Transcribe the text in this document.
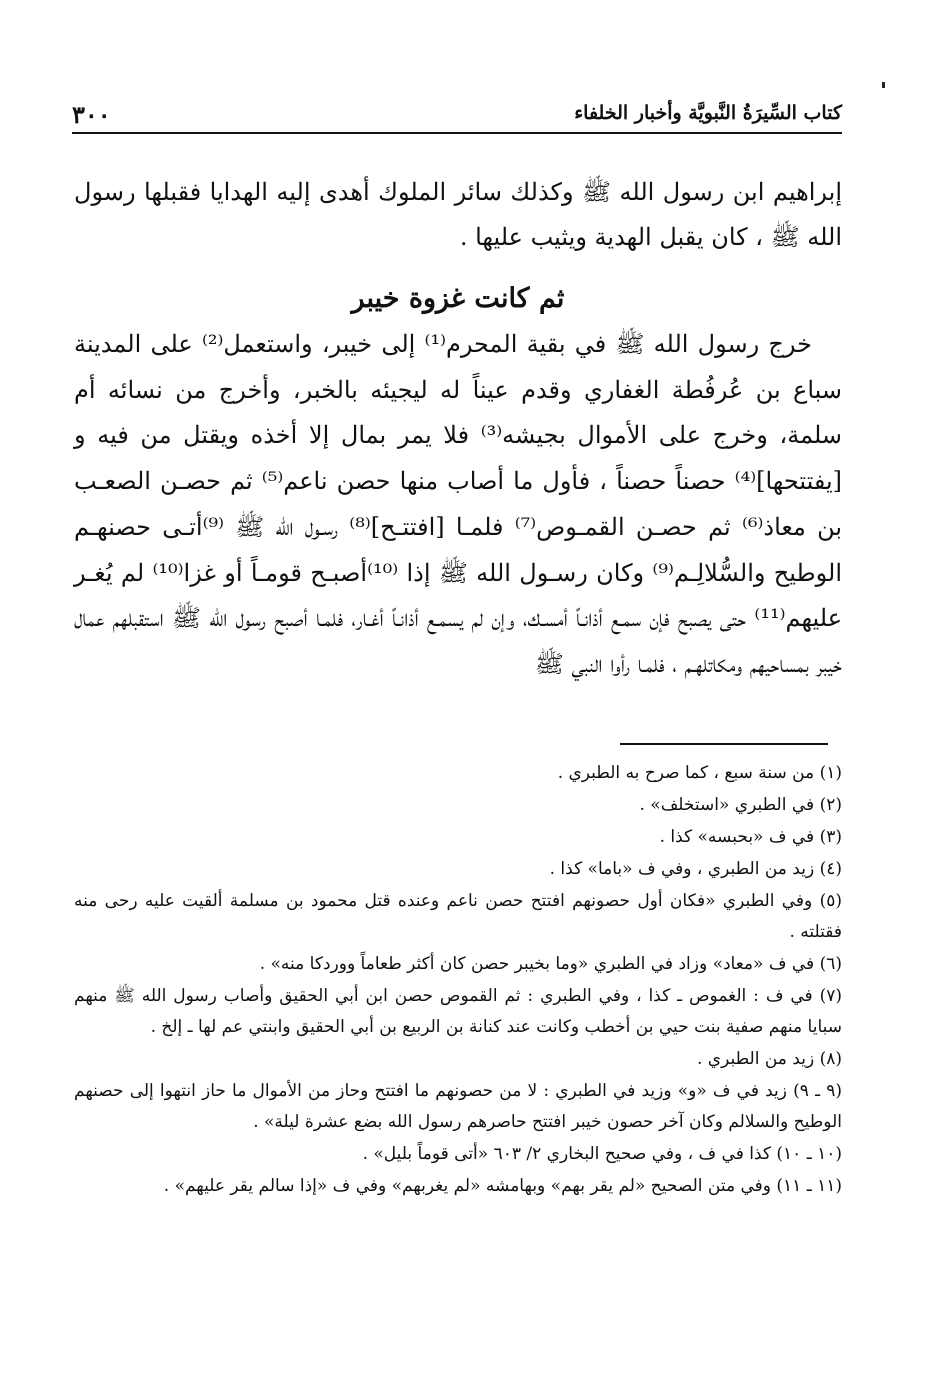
كتاب السِّيرَةُ النَّبويَّة وأخبار الخلفاء
٣٠٠

إبراهيم ابن رسول الله ﷺ وكذلك سائر الملوك أهدى إليه الهدايا فقبلها رسول الله ﷺ ، كان يقبل الهدية ويثيب عليها .

ثم كانت غزوة خيبر

خرج رسول الله ﷺ في بقية المحرم⁽¹⁾ إلى خيبر، واستعمل⁽²⁾ على المدينة سباع بن عُرفُطة الغفاري وقدم عيناً له ليجيئه بالخبر، وأخرج من نسائه أم سلمة، وخرج على الأموال بجيشه⁽³⁾ فلا يمر بمال إلا أخذه ويقتل من فيه و [يفتتحها]⁽⁴⁾ حصناً حصناً ، فأول ما أصاب منها حصن ناعم⁽⁵⁾ ثم حصـن الصعـب بن معاذ⁽⁶⁾ ثم حصـن القمـوص⁽⁷⁾ فلمـا [افتتـح]⁽⁸⁾ رسـول الله ﷺ ⁽⁹⁾أتـى حصنهـم الوطيح والسُّلالِـم⁽⁹⁾ وكان رسـول الله ﷺ إذا ⁽¹⁰⁾أصبـح قومـاً أو غزا⁽¹⁰⁾ لم يُغـر عليهم⁽¹¹⁾ حتى يصبح فإن سمـع أذانـاً أمسـك، وإن لم يسمـع أذانـاً أغـار، فلمـا أصبح رسول الله ﷺ استقبلهم عمال خيبر بمساحيهم ومكاتلهـم ، فلمـا رأوا النبي ﷺ

(١) من سنة سبع ، كما صرح به الطبري .

(٢) في الطبري «استخلف» .

(٣) في ف «بحبسه» كذا .

(٤) زيد من الطبري ، وفي ف «باما» كذا .

(٥) وفي الطبري «فكان أول حصونهم افتتح حصن ناعم وعنده قتل محمود بن مسلمة ألقيت عليه رحى منه فقتلته .

(٦) في ف «معاد» وزاد في الطبري «وما بخيبر حصن كان أكثر طعاماً ووردكا منه» .

(٧) في ف : الغموص ـ كذا ، وفي الطبري : ثم القموص حصن ابن أبي الحقيق وأصاب رسول الله ﷺ منهم سبايا منهم صفية بنت حيي بن أخطب وكانت عند كنانة بن الربيع بن أبي الحقيق وابنتي عم لها ـ إلخ .

(٨) زيد من الطبري .

(٩ ـ ٩) زيد في ف «و» وزيد في الطبري : لا من حصونهم ما افتتح وحاز من الأموال ما حاز انتهوا إلى حصنهم الوطيح والسلالم وكان آخر حصون خيبر افتتح حاصرهم رسول الله بضع عشرة ليلة» .

(١٠ ـ ١٠) كذا في ف ، وفي صحيح البخاري ٢/ ٦٠٣ «أتى قوماً بليل» .

(١١ ـ ١١) وفي متن الصحيح «لم يقر بهم» وبهامشه «لم يغربهم» وفي ف «إذا سالم يقر عليهم» .
